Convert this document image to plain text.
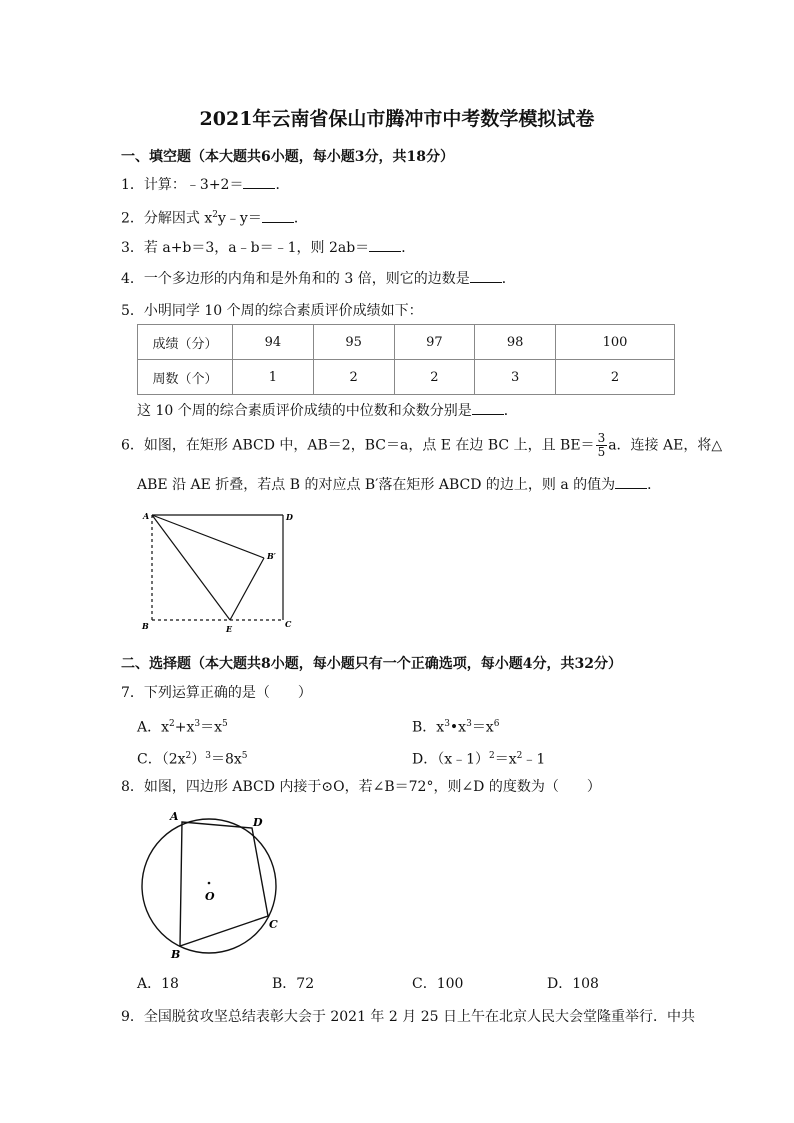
2021年云南省保山市腾冲市中考数学模拟试卷
一、填空题（本大题共6小题，每小题3分，共18分）
1．计算：﹣3+2＝ ．
2．分解因式 $x^2y﹣y=$ ．
3．若 a+b＝3，a﹣b＝﹣1，则 2ab＝ ．
4．一个多边形的内角和是外角和的 3 倍，则它的边数是 ．
5．小明同学 10 个周的综合素质评价成绩如下：
成绩（分）	94	95	97	98	100
周数（个）	1	2	2	3	2
这 10 个周的综合素质评价成绩的中位数和众数分别是 ．
6．如图，在矩形 ABCD 中，AB＝2，BC＝a，点 E 在边 BC 上，且 $BE= \frac{3}{5}$ a．连接 AE，将△
ABE 沿 AE 折叠，若点 B 的对应点 B′落在矩形 ABCD 的边上，则 a 的值为 ．
A	D
B′
B	E	C
二、选择题（本大题共8小题，每小题只有一个正确选项，每小题4分，共32分）
7．下列运算正确的是（　　）
A．$x^2+x^3=x^5$	B．$x^3•x^3=x^6$
C．$(2x^2)^3=8x^5$	D．$(x﹣1)^2=x^2﹣1$
8．如图，四边形 ABCD 内接于⊙O，若∠B＝72°，则∠D 的度数为（　　）
A	D
C
B
O
A．18	B．72	C．100	D．108
9．全国脱贫攻坚总结表彰大会于 2021 年 2 月 25 日上午在北京人民大会堂隆重举行．中共
